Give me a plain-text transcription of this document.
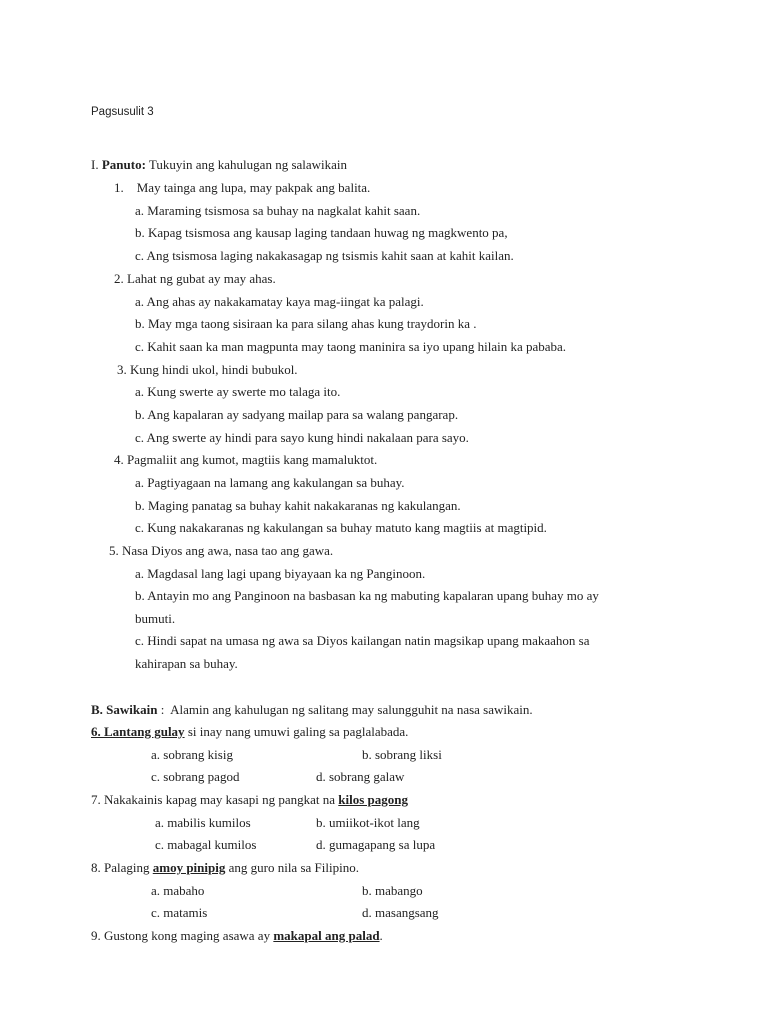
Pagsusulit 3
I. Panuto: Tukuyin ang kahulugan ng salawikain
1. May tainga ang lupa, may pakpak ang balita.
a. Maraming tsismosa sa buhay na nagkalat kahit saan.
b. Kapag tsismosa ang kausap laging tandaan huwag ng magkwento pa,
c. Ang tsismosa laging nakakasagap ng tsismis kahit saan at kahit kailan.
2. Lahat ng gubat ay may ahas.
a. Ang ahas ay nakakamatay kaya mag-iingat ka palagi.
b. May mga taong sisiraan ka para silang ahas kung traydorin ka .
c. Kahit saan ka man magpunta may taong maninira sa iyo upang hilain ka pababa.
3. Kung hindi ukol, hindi bubukol.
a. Kung swerte ay swerte mo talaga ito.
b. Ang kapalaran ay sadyang mailap para sa walang pangarap.
c. Ang swerte ay hindi para sayo kung hindi nakalaan para sayo.
4. Pagmaliit ang kumot, magtiis kang mamaluktot.
a. Pagtiyagaan na lamang ang kakulangan sa buhay.
b. Maging panatag sa buhay kahit nakakaranas ng kakulangan.
c. Kung nakakaranas ng kakulangan sa buhay matuto kang magtiis at magtipid.
5. Nasa Diyos ang awa, nasa tao ang gawa.
a. Magdasal lang lagi upang biyayaan ka ng Panginoon.
b. Antayin mo ang Panginoon na basbasan ka ng mabuting kapalaran upang buhay mo ay
bumuti.
c. Hindi sapat na umasa ng awa sa Diyos kailangan natin magsikap upang makaahon sa
kahirapan sa buhay.
B. Sawikain : Alamin ang kahulugan ng salitang may salungguhit na nasa sawikain.
6. Lantang gulay si inay nang umuwi galing sa paglalabada.
a. sobrang kisig	b. sobrang liksi
c. sobrang pagod	d. sobrang galaw
7. Nakakainis kapag may kasapi ng pangkat na kilos pagong
a. mabilis kumilos	b. umiikot-ikot lang
c. mabagal kumilos	d. gumagapang sa lupa
8. Palaging amoy pinipig ang guro nila sa Filipino.
a. mabaho	b. mabango
c. matamis	d. masangsang
9. Gustong kong maging asawa ay makapal ang palad.
